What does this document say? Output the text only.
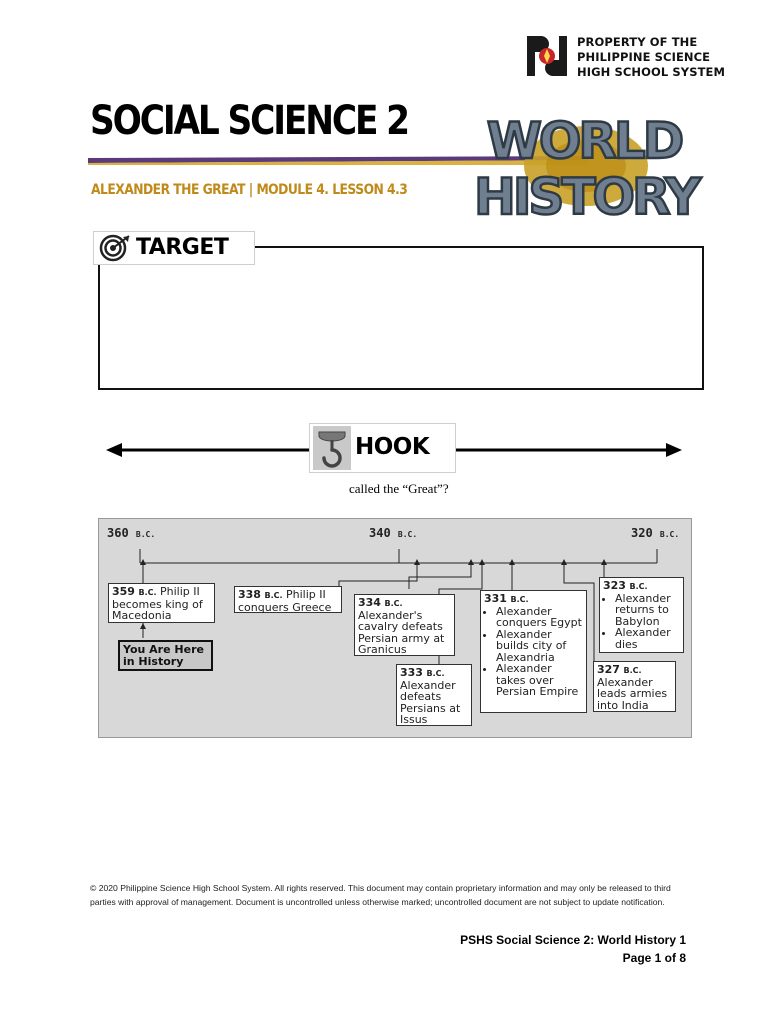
PROPERTY OF THE
PHILIPPINE SCIENCE
HIGH SCHOOL SYSTEM
SOCIAL SCIENCE 2
ALEXANDER THE GREAT | MODULE 4. LESSON 4.3
WORLD
HISTORY
TARGET
HOOK
called the “Great”?
360 B.C.	340 B.C.	320 B.C.
359 B.C. Philip II becomes king of Macedonia
You Are Here in History
338 B.C. Philip II conquers Greece	334 B.C.
Alexander's cavalry defeats Persian army at Granicus
333 B.C.
Alexander defeats Persians at Issus
331 B.C.
• Alexander conquers Egypt
• Alexander builds city of Alexandria
• Alexander takes over Persian Empire
323 B.C.
• Alexander returns to Babylon
• Alexander dies
327 B.C.
Alexander leads armies into India
© 2020 Philippine Science High School System. All rights reserved. This document may contain proprietary information and may only be released to third parties with approval of management. Document is uncontrolled unless otherwise marked; uncontrolled document are not subject to update notification.
PSHS Social Science 2: World History 1
Page 1 of 8
